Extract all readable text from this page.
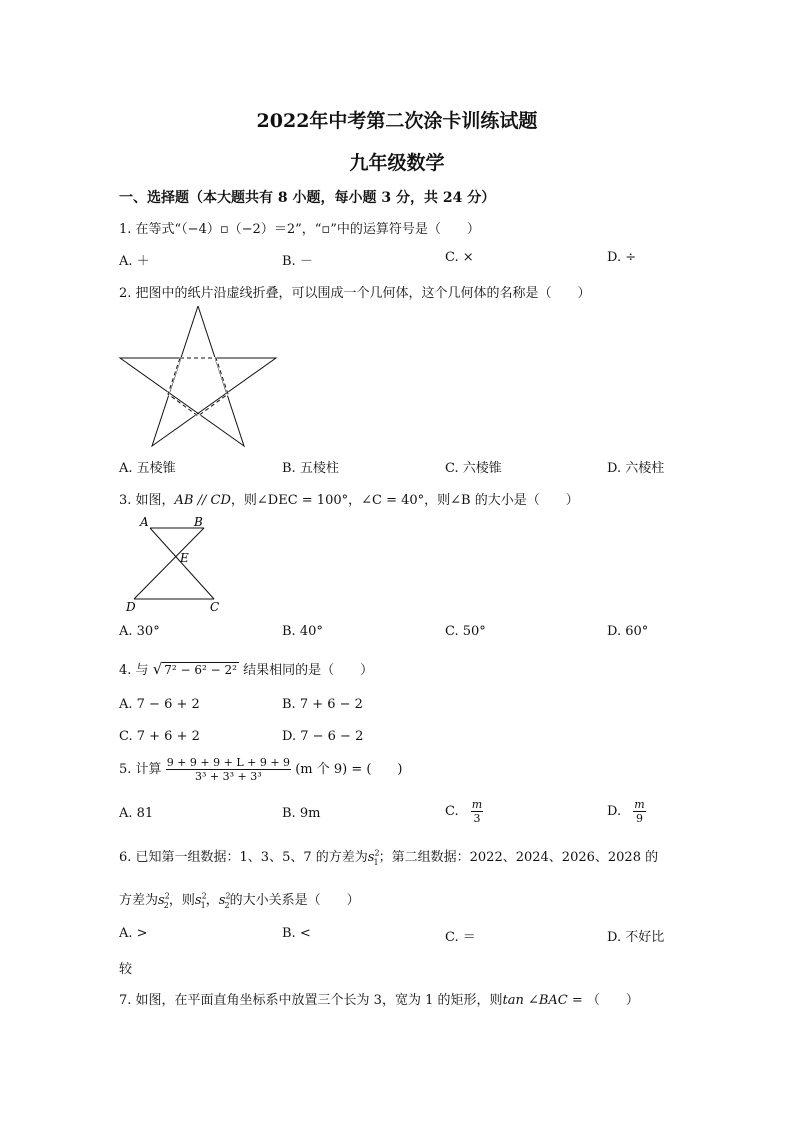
2022年中考第二次涂卡训练试题
九年级数学
一、选择题（本大题共有 8 小题，每小题 3 分，共 24 分）
1. 在等式“（−4）▫（−2）＝2”，“▫”中的运算符号是（　　）
A. ＋	B. －	C. ×	D. ÷
2. 把图中的纸片沿虚线折叠，可以围成一个几何体，这个几何体的名称是（　　）
A. 五棱锥	B. 五棱柱	C. 六棱锥	D. 六棱柱
3. 如图，AB // CD，则∠DEC = 100°，∠C = 40°，则∠B 的大小是（　　）
A	B
E
D	C
A. 30°	B. 40°	C. 50°	D. 60°
4. 与 √ 7² − 6² − 2² 结果相同的是（　　）
A. 7 − 6 + 2	B. 7 + 6 − 2
C. 7 + 6 + 2	D. 7 − 6 − 2
5. 计算 $\frac{9 + 9 + 9 + L + 9 + 9}{\text{3³ + 3³ + 3³}} (m$ 个 9) = (　　)
A. 81	B. 9m	C. $\frac{m}{3}$	D. $\frac{m}{9}$
6. 已知第一组数据：1、3、5、7 的方差为$s^2_1$；第二组数据：2022、2024、2026、2028 的
方差为$s^2_2$，则$s^2_1$，$s^2_2$的大小关系是（　　）
A. >	B. <	C. ＝	D. 不好比
较
7. 如图，在平面直角坐标系中放置三个长为 3，宽为 1 的矩形，则tan ∠BAC = （　　）
